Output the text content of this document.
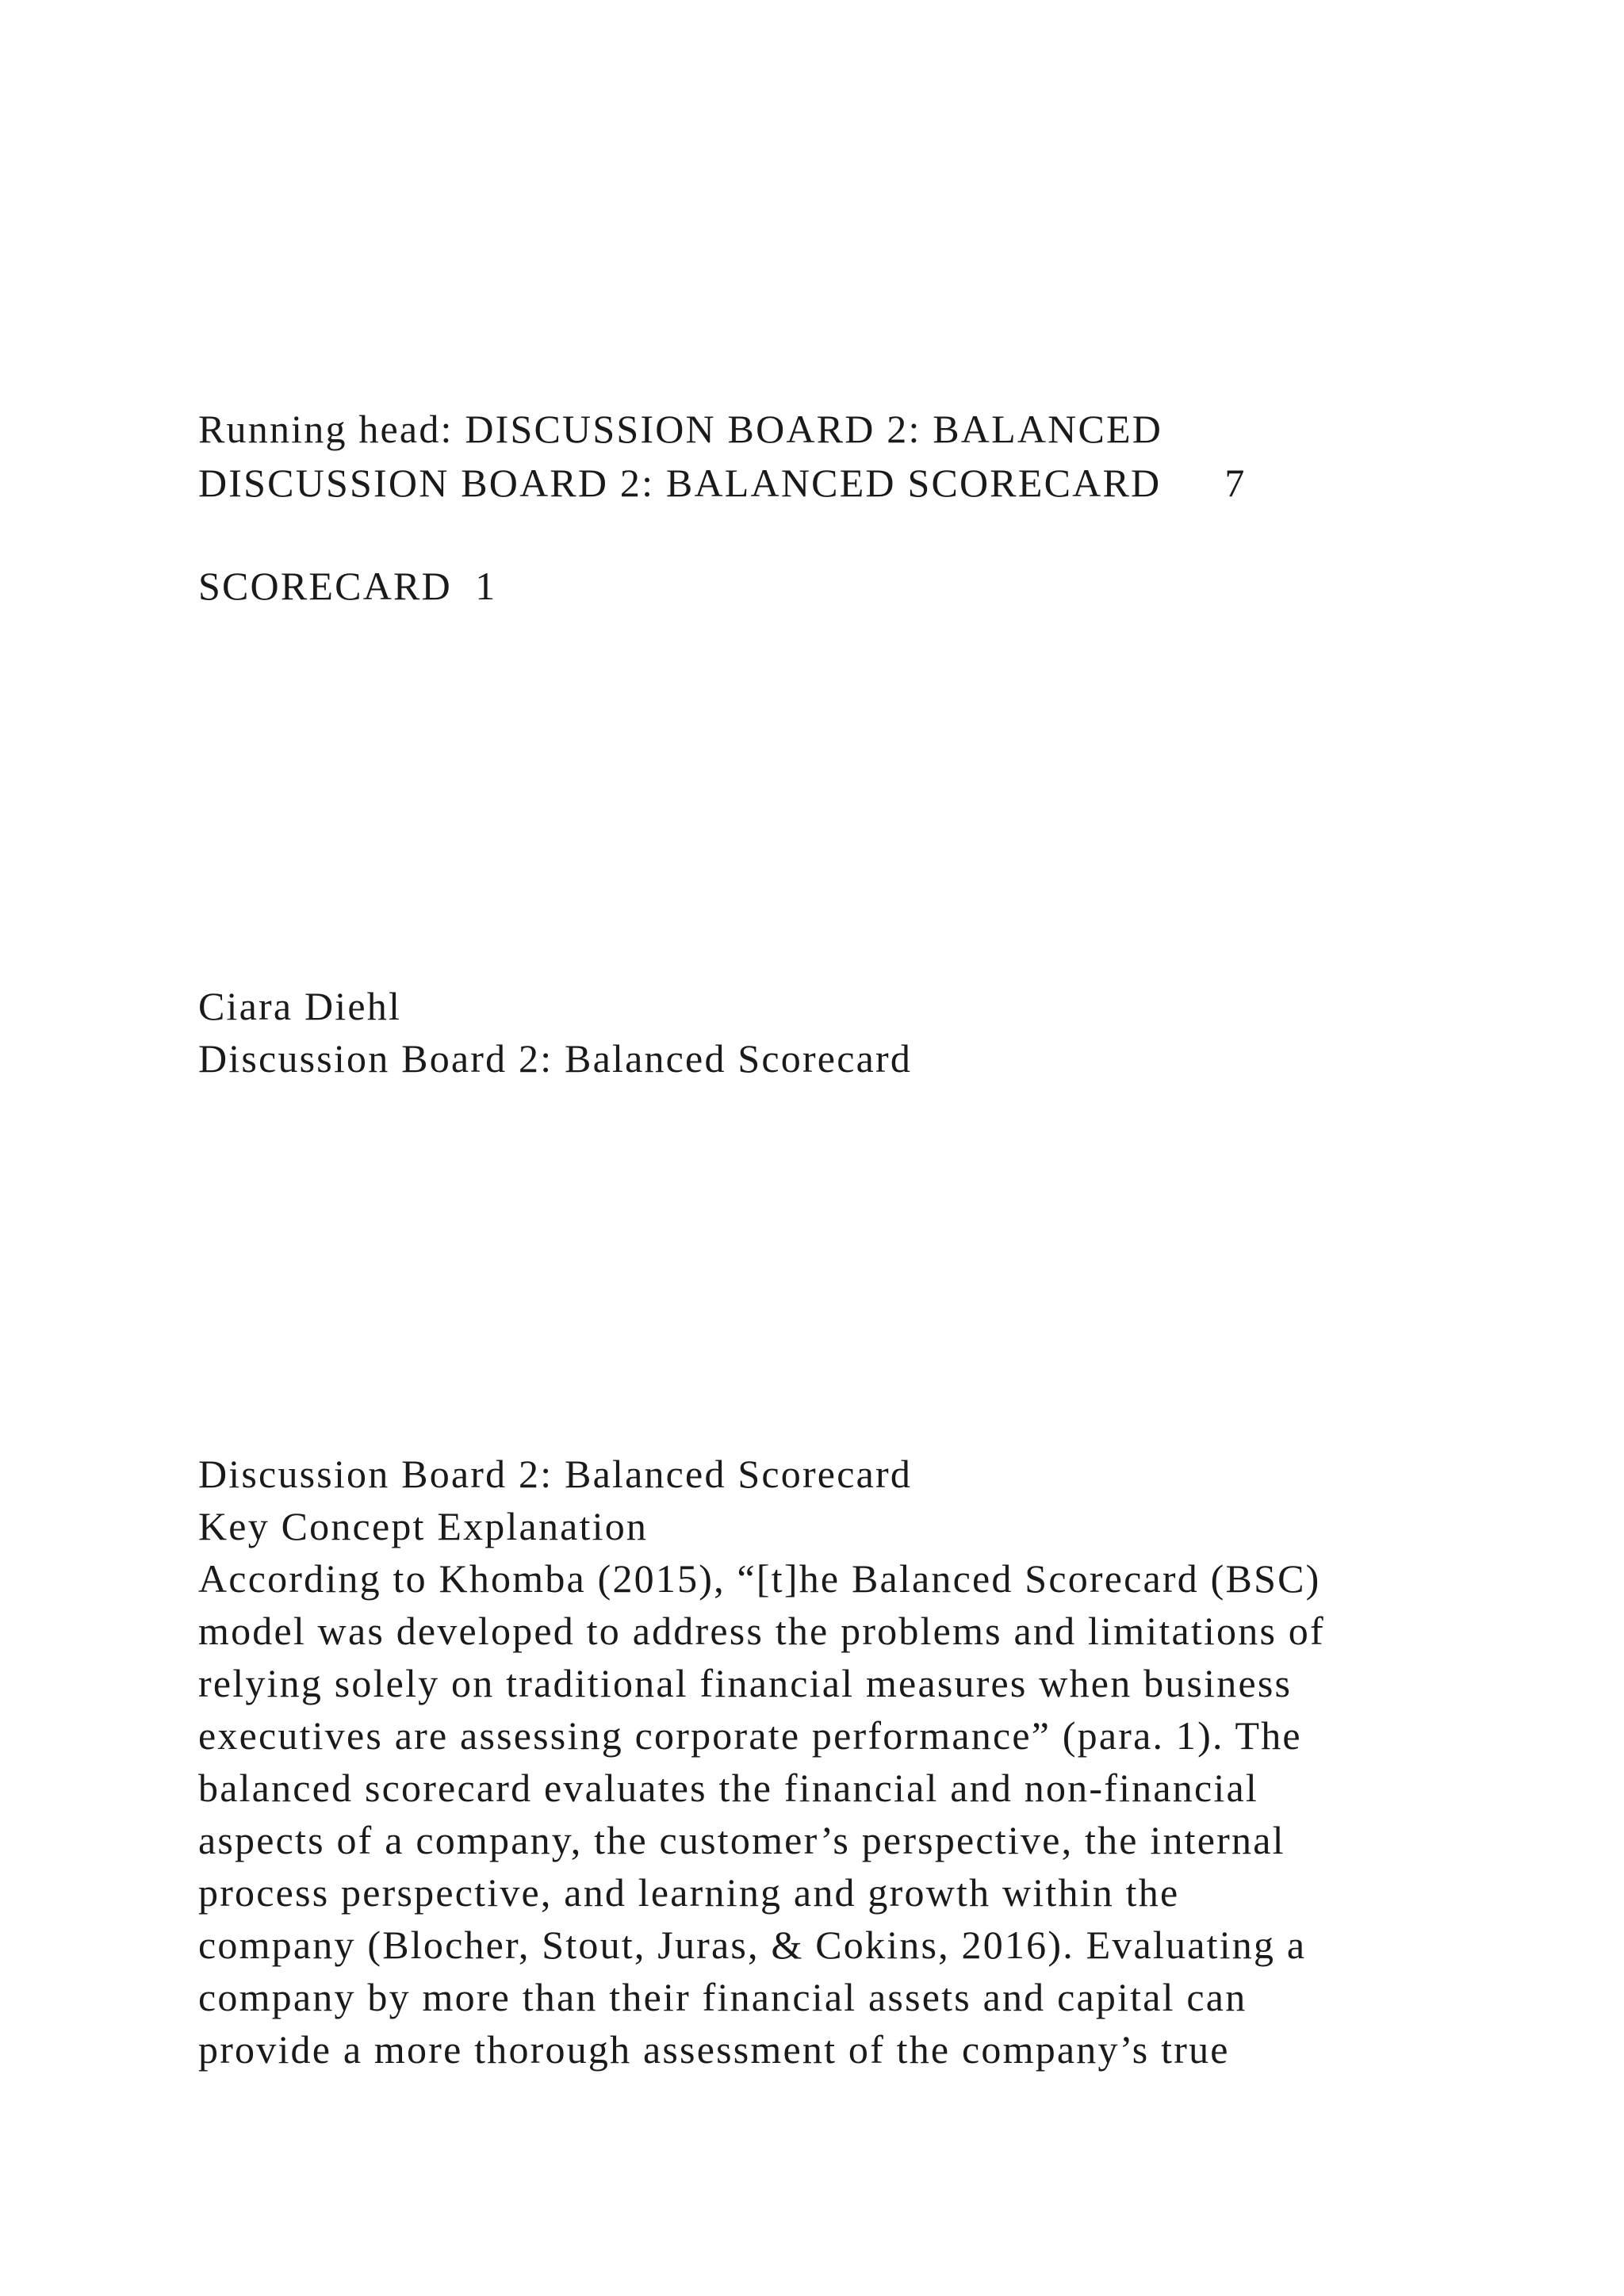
Running head: DISCUSSION BOARD 2: BALANCED

SCORECARD  1

DISCUSSION BOARD 2: BALANCED SCORECARD 7
Ciara Diehl
Discussion Board 2: Balanced Scorecard
Discussion Board 2: Balanced Scorecard
Key Concept Explanation
According to Khomba (2015), “[t]he Balanced Scorecard (BSC)
model was developed to address the problems and limitations of
relying solely on traditional financial measures when business
executives are assessing corporate performance” (para. 1). The
balanced scorecard evaluates the financial and non-financial
aspects of a company, the customer’s perspective, the internal
process perspective, and learning and growth within the
company (Blocher, Stout, Juras, & Cokins, 2016). Evaluating a
company by more than their financial assets and capital can
provide a more thorough assessment of the company’s true
